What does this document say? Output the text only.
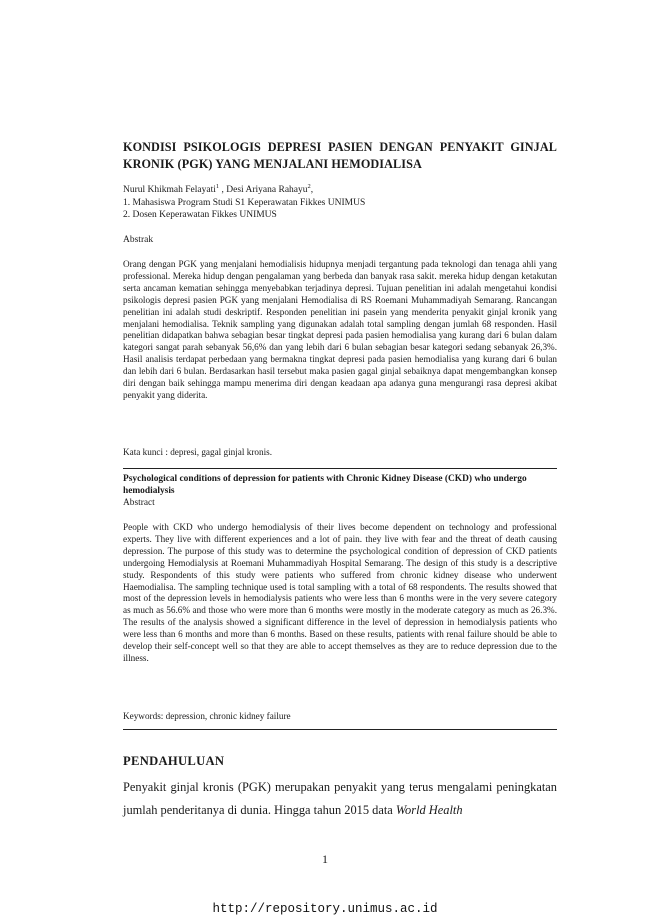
KONDISI PSIKOLOGIS DEPRESI PASIEN DENGAN PENYAKIT GINJAL KRONIK (PGK) YANG MENJALANI HEMODIALISA
Nurul Khikmah Felayati$^1$ , Desi Ariyana Rahayu$^2$,
1. Mahasiswa Program Studi S1 Keperawatan Fikkes UNIMUS
2. Dosen Keperawatan Fikkes UNIMUS
Abstrak
Orang dengan PGK yang menjalani hemodialisis hidupnya menjadi tergantung pada teknologi dan tenaga ahli yang professional. Mereka hidup dengan pengalaman yang berbeda dan banyak rasa sakit. mereka hidup dengan ketakutan serta ancaman kematian sehingga menyebabkan terjadinya depresi. Tujuan penelitian ini adalah mengetahui kondisi psikologis depresi pasien PGK yang menjalani Hemodialisa di RS Roemani Muhammadiyah Semarang. Rancangan penelitian ini adalah studi deskriptif. Responden penelitian ini pasein yang menderita penyakit ginjal kronik yang menjalani hemodialisa. Teknik sampling yang digunakan adalah total sampling dengan jumlah 68 responden. Hasil penelitian didapatkan bahwa sebagian besar tingkat depresi pada pasien hemodialisa yang kurang dari 6 bulan dalam kategori sangat parah sebanyak 56,6% dan yang lebih dari 6 bulan sebagian besar kategori sedang sebanyak 26,3%. Hasil analisis terdapat perbedaan yang bermakna tingkat depresi pada pasien hemodialisa yang kurang dari 6 bulan dan lebih dari 6 bulan. Berdasarkan hasil tersebut maka pasien gagal ginjal sebaiknya dapat mengembangkan konsep diri dengan baik sehingga mampu menerima diri dengan keadaan apa adanya guna mengurangi rasa depresi akibat penyakit yang diderita.
Kata kunci : depresi, gagal ginjal kronis.
Psychological conditions of depression for patients with Chronic Kidney Disease (CKD) who undergo hemodialysis
Abstract
People with CKD who undergo hemodialysis of their lives become dependent on technology and professional experts. They live with different experiences and a lot of pain. they live with fear and the threat of death causing depression. The purpose of this study was to determine the psychological condition of depression of CKD patients undergoing Hemodialysis at Roemani Muhammadiyah Hospital Semarang. The design of this study is a descriptive study. Respondents of this study were patients who suffered from chronic kidney disease who underwent Haemodialisa. The sampling technique used is total sampling with a total of 68 respondents. The results showed that most of the depression levels in hemodialysis patients who were less than 6 months were in the very severe category as much as 56.6% and those who were more than 6 months were mostly in the moderate category as much as 26.3%. The results of the analysis showed a significant difference in the level of depression in hemodialysis patients who were less than 6 months and more than 6 months. Based on these results, patients with renal failure should be able to develop their self-concept well so that they are able to accept themselves as they are to reduce depression due to the illness.
Keywords: depression, chronic kidney failure
PENDAHULUAN
Penyakit ginjal kronis (PGK) merupakan penyakit yang terus mengalami peningkatan jumlah penderitanya di dunia. Hingga tahun 2015 data World Health
1
http://repository.unimus.ac.id
